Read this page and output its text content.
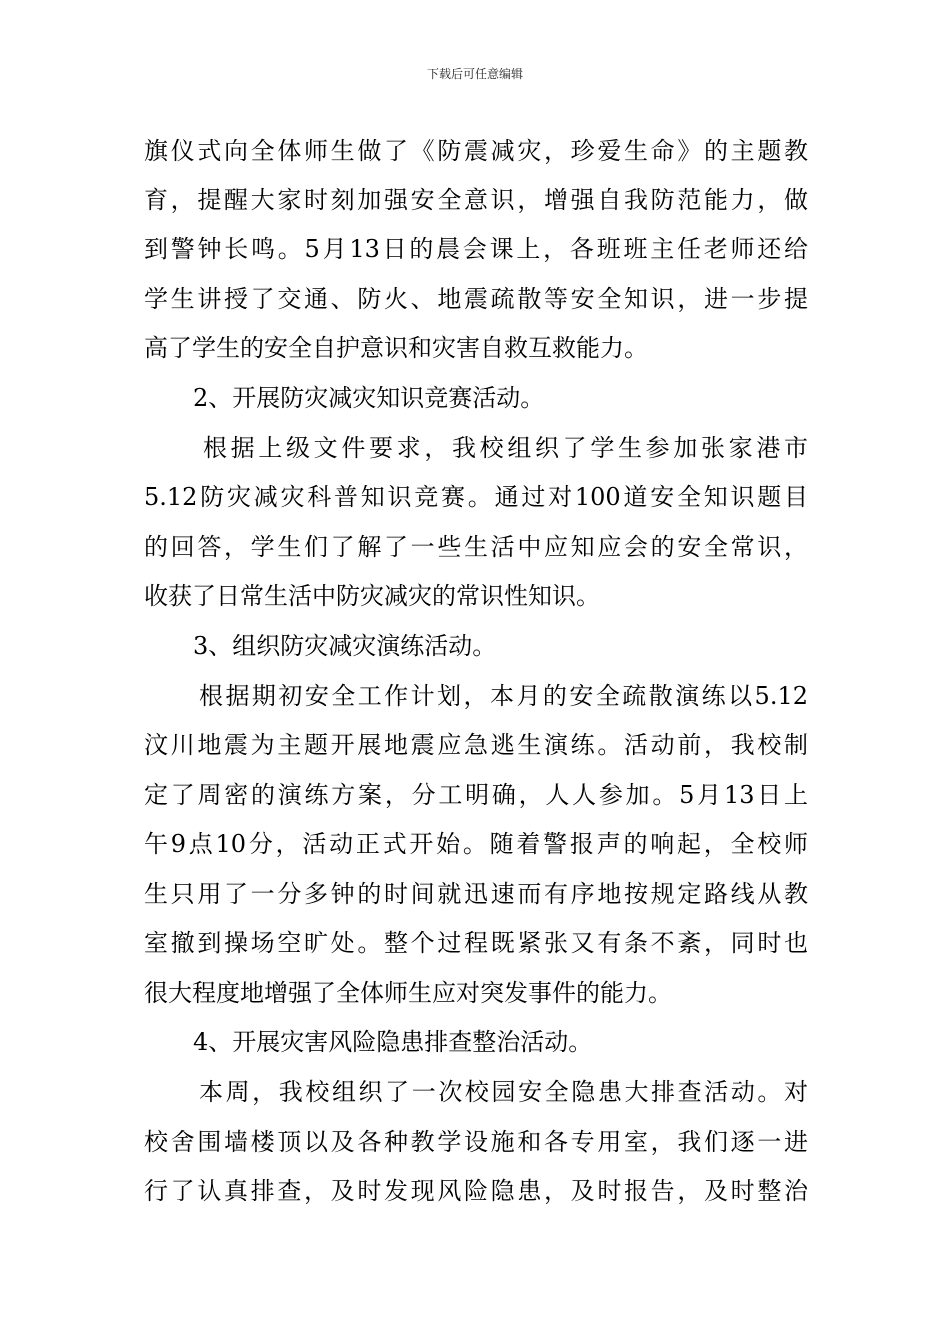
下载后可任意编辑
旗仪式向全体师生做了《防震减灾，珍爱生命》的主题教
育，提醒大家时刻加强安全意识，增强自我防范能力，做
到警钟长鸣。5月13日的晨会课上，各班班主任老师还给
学生讲授了交通、防火、地震疏散等安全知识，进一步提
高了学生的安全自护意识和灾害自救互救能力。
2、开展防灾减灾知识竞赛活动。
根据上级文件要求，我校组织了学生参加张家港市
5.12防灾减灾科普知识竞赛。通过对100道安全知识题目
的回答，学生们了解了一些生活中应知应会的安全常识，
收获了日常生活中防灾减灾的常识性知识。
3、组织防灾减灾演练活动。
根据期初安全工作计划，本月的安全疏散演练以5.12
汶川地震为主题开展地震应急逃生演练。活动前，我校制
定了周密的演练方案，分工明确，人人参加。5月13日上
午9点10分，活动正式开始。随着警报声的响起，全校师
生只用了一分多钟的时间就迅速而有序地按规定路线从教
室撤到操场空旷处。整个过程既紧张又有条不紊，同时也
很大程度地增强了全体师生应对突发事件的能力。
4、开展灾害风险隐患排查整治活动。
本周，我校组织了一次校园安全隐患大排查活动。对
校舍围墙楼顶以及各种教学设施和各专用室，我们逐一进
行了认真排查，及时发现风险隐患，及时报告，及时整治
